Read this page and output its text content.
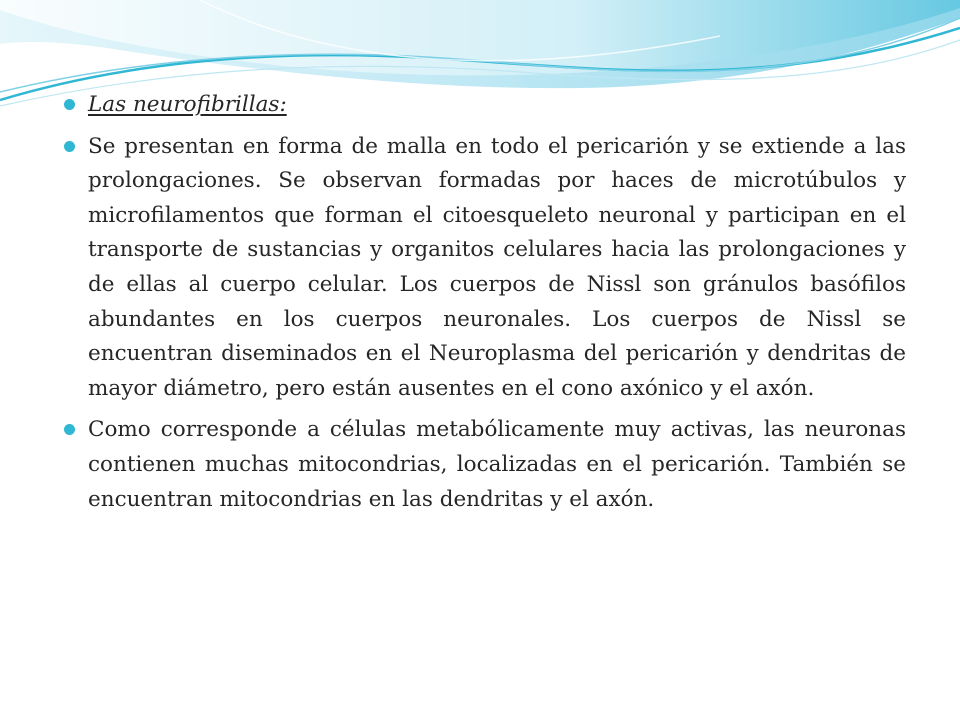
Las neurofibrillas:
Se presentan en forma de malla en todo el pericarión y se extiende a las prolongaciones. Se observan formadas por haces de microtúbulos y microfilamentos que forman el citoesqueleto neuronal y participan en el transporte de sustancias y organitos celulares hacia las prolongaciones y de ellas al cuerpo celular. Los cuerpos de Nissl son gránulos basófilos abundantes en los cuerpos neuronales. Los cuerpos de Nissl se encuentran diseminados en el Neuroplasma del pericarión y dendritas de mayor diámetro, pero están ausentes en el cono axónico y el axón.
Como corresponde a células metabólicamente muy activas, las neuronas contienen muchas mitocondrias, localizadas en el pericarión. También se encuentran mitocondrias en las dendritas y el axón.
